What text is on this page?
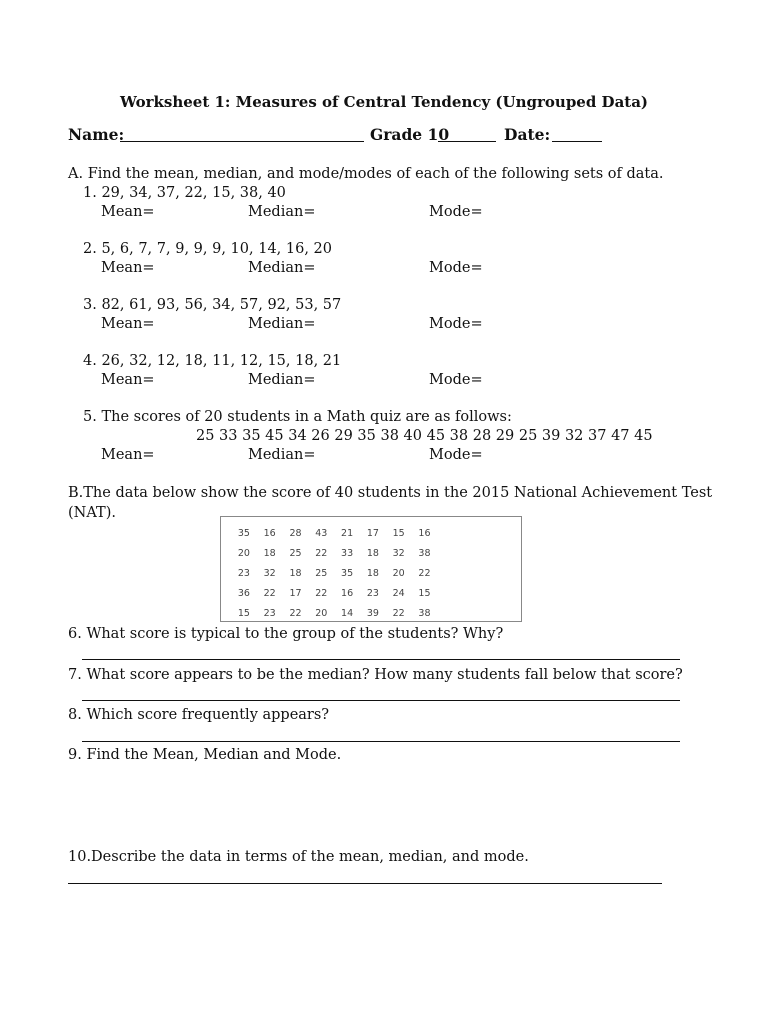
Worksheet 1: Measures of Central Tendency (Ungrouped Data)
Name:	Grade 10	Date:
A. Find the mean, median, and mode/modes of each of the following sets of data.
1. 29, 34, 37, 22, 15, 38, 40
Mean=	Median=	Mode=
2. 5, 6, 7, 7, 9, 9, 9, 10, 14, 16, 20
Mean=	Median=	Mode=
3. 82, 61, 93, 56, 34, 57, 92, 53, 57
Mean=	Median=	Mode=
4. 26, 32, 12, 18, 11, 12, 15, 18, 21
Mean=	Median=	Mode=
5. The scores of 20 students in a Math quiz are as follows:
25 33 35 45 34 26 29 35 38 40 45 38 28 29 25 39 32 37 47 45
Mean=	Median=	Mode=
B.The data below show the score of 40 students in the 2015 National Achievement Test
(NAT).
35	16	28	43	21	17	15	16
20	18	25	22	33	18	32	38
23	32	18	25	35	18	20	22
36	22	17	22	16	23	24	15
15	23	22	20	14	39	22	38
6. What score is typical to the group of the students? Why?
7. What score appears to be the median? How many students fall below that score?
8. Which score frequently appears?
9. Find the Mean, Median and Mode.
10.Describe the data in terms of the mean, median, and mode.
